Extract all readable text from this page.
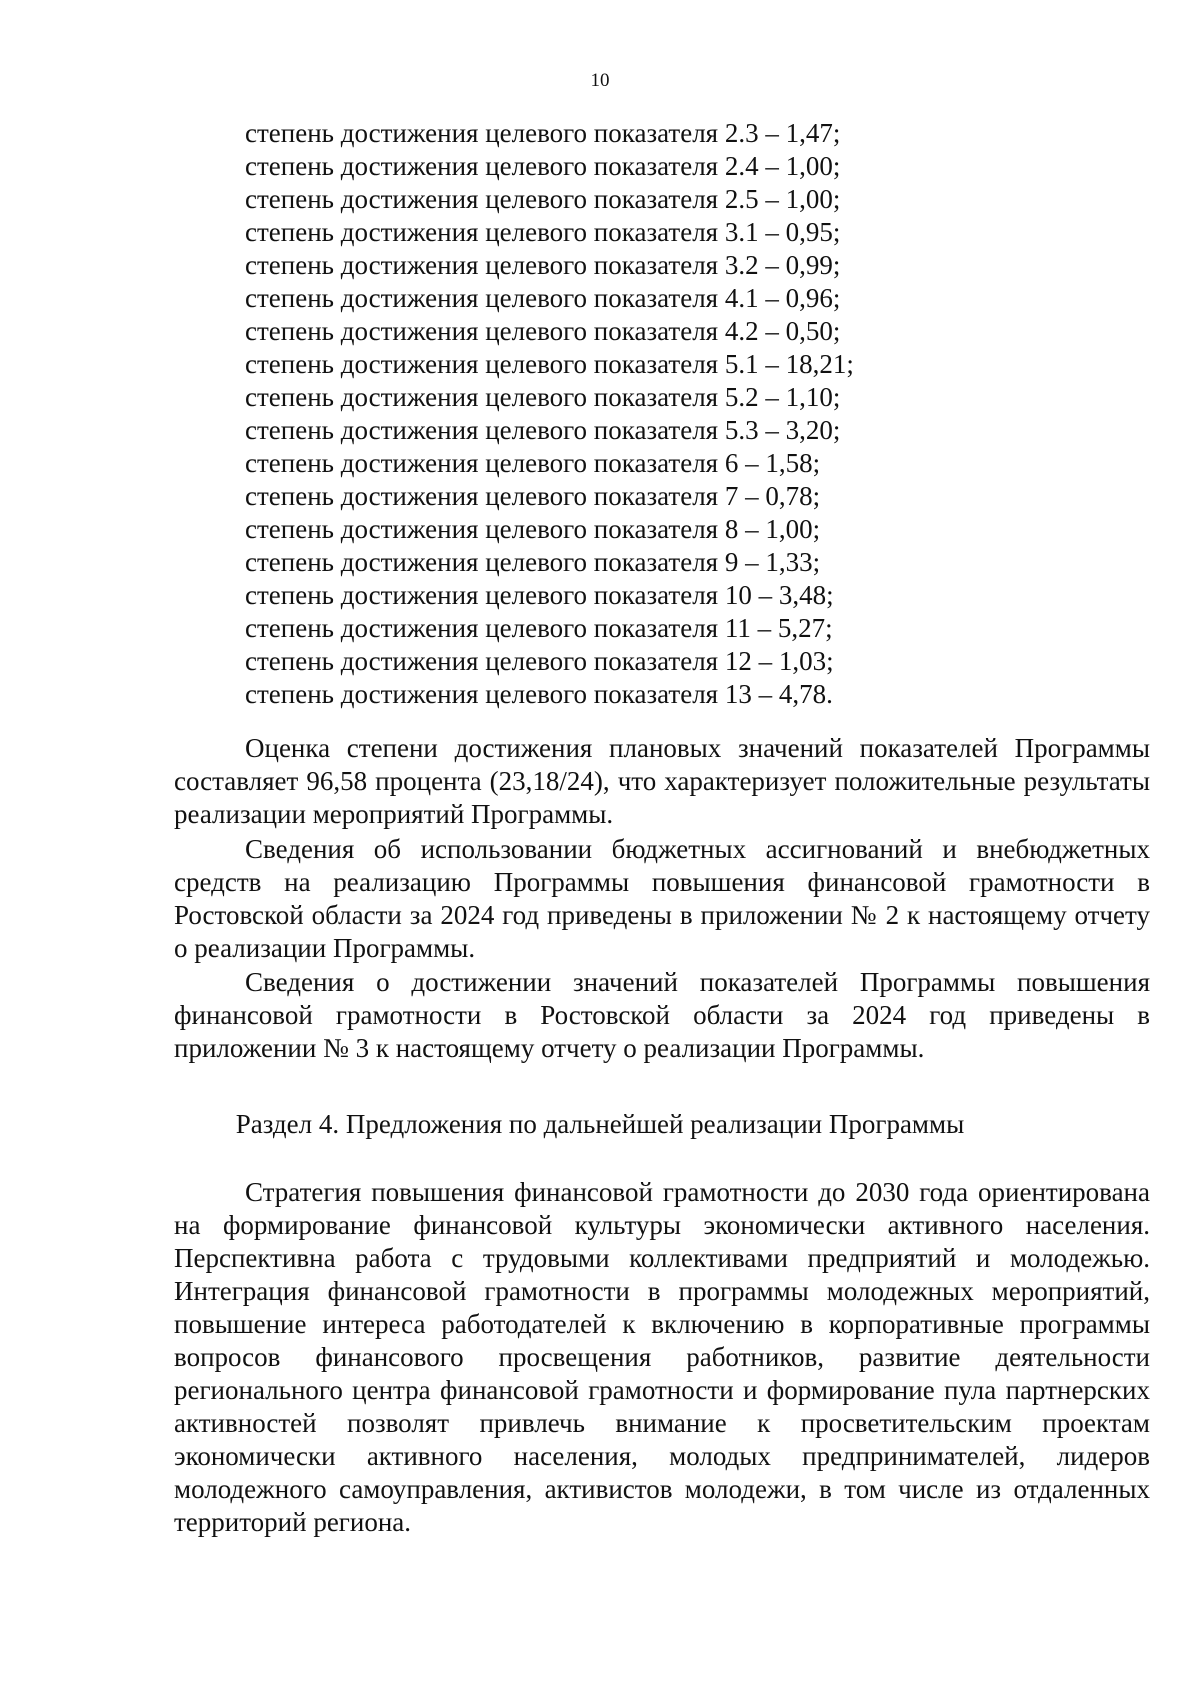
10
степень достижения целевого показателя 2.3 – 1,47;
степень достижения целевого показателя 2.4 – 1,00;
степень достижения целевого показателя 2.5 – 1,00;
степень достижения целевого показателя 3.1 – 0,95;
степень достижения целевого показателя 3.2 – 0,99;
степень достижения целевого показателя 4.1 – 0,96;
степень достижения целевого показателя 4.2 – 0,50;
степень достижения целевого показателя 5.1 – 18,21;
степень достижения целевого показателя 5.2 – 1,10;
степень достижения целевого показателя 5.3 – 3,20;
степень достижения целевого показателя 6 – 1,58;
степень достижения целевого показателя 7 – 0,78;
степень достижения целевого показателя 8 – 1,00;
степень достижения целевого показателя 9 – 1,33;
степень достижения целевого показателя 10 – 3,48;
степень достижения целевого показателя 11 – 5,27;
степень достижения целевого показателя 12 – 1,03;
степень достижения целевого показателя 13 – 4,78.

Оценка степени достижения плановых значений показателей Программы составляет 96,58 процента (23,18/24), что характеризует положительные результаты реализации мероприятий Программы.

Сведения об использовании бюджетных ассигнований и внебюджетных средств на реализацию Программы повышения финансовой грамотности в Ростовской области за 2024 год приведены в приложении № 2 к настоящему отчету о реализации Программы.

Сведения о достижении значений показателей Программы повышения финансовой грамотности в Ростовской области за 2024 год приведены в приложении № 3 к настоящему отчету о реализации Программы.

Раздел 4. Предложения по дальнейшей реализации Программы

Стратегия повышения финансовой грамотности до 2030 года ориентирована на формирование финансовой культуры экономически активного населения. Перспективна работа с трудовыми коллективами предприятий и молодежью. Интеграция финансовой грамотности в программы молодежных мероприятий, повышение интереса работодателей к включению в корпоративные программы вопросов финансового просвещения работников, развитие деятельности регионального центра финансовой грамотности и формирование пула партнерских активностей позволят привлечь внимание к просветительским проектам экономически активного населения, молодых предпринимателей, лидеров молодежного самоуправления, активистов молодежи, в том числе из отдаленных территорий региона.
